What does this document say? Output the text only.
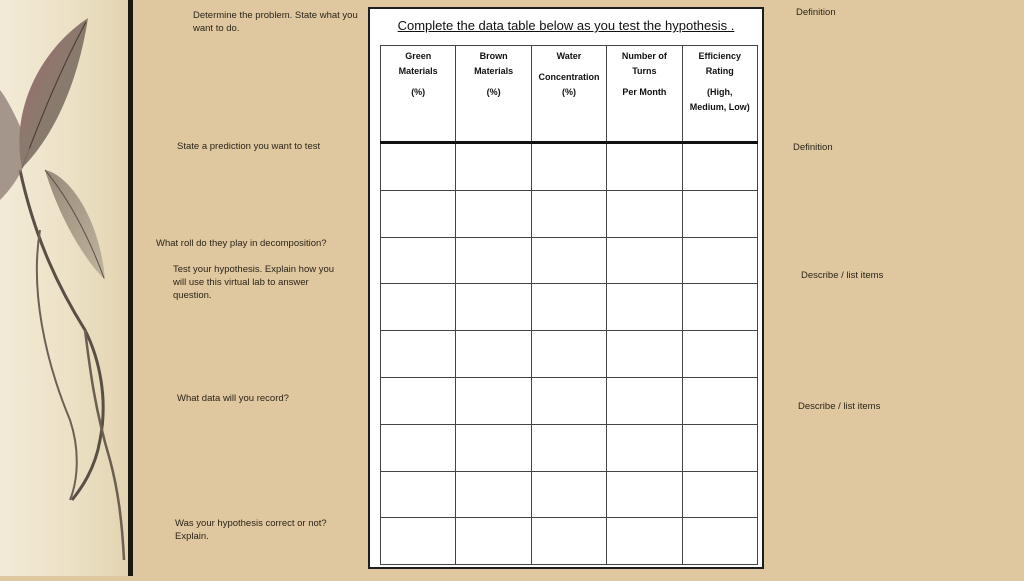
Determine the problem. State what you want to do.

State a prediction you want to test

What roll do they play in decomposition?

Test your hypothesis. Explain how you will use this virtual lab to answer question.

What data will you record?

Was your hypothesis correct or not? Explain.

Definition

Definition

Describe / list items

Describe / list items

Complete the data table below as you test the hypothesis .

Green
Materials
(%)	Brown
Materials
(%)	Water
Concentration
(%)	Number of
Turns
Per Month	Efficiency
Rating
(High,
Medium, Low)
